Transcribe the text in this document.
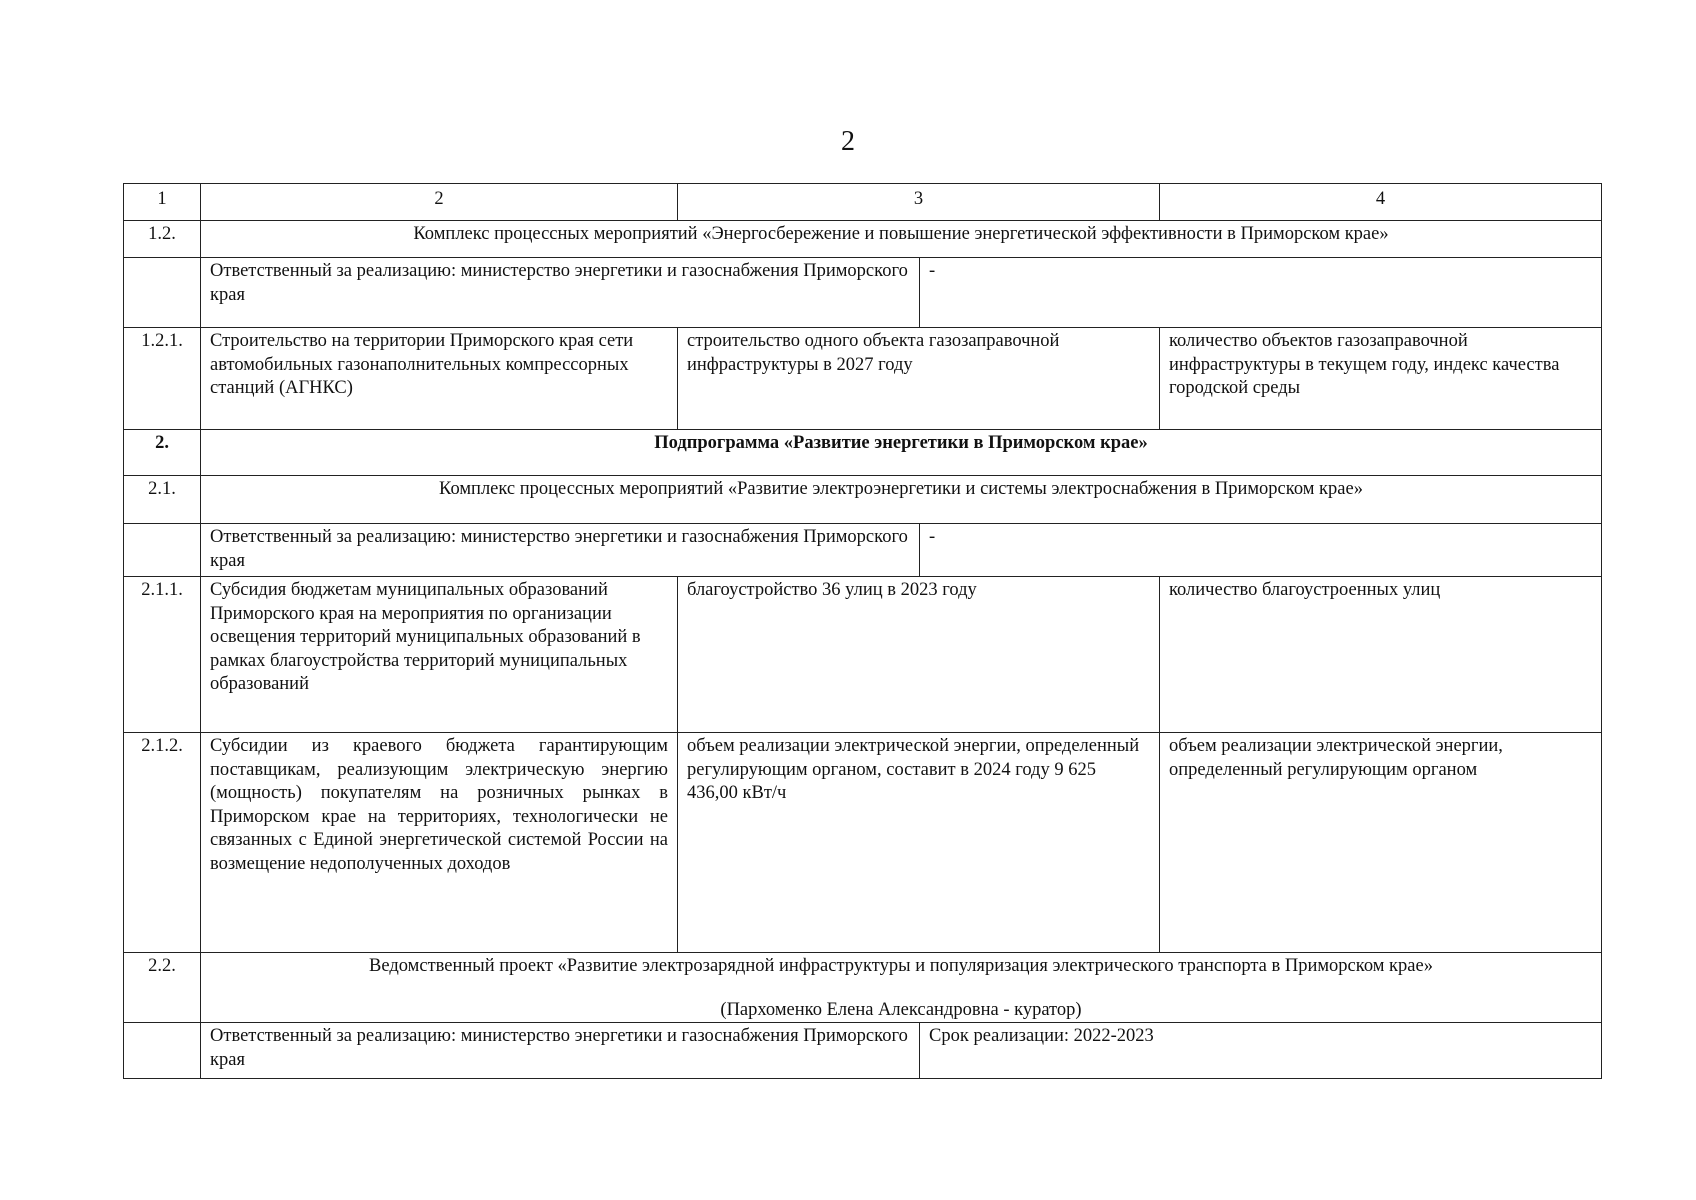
2
1	2	3		4
1.2.	Комплекс процессных мероприятий «Энергосбережение и повышение энергетической эффективности в Приморском крае»			
	Ответственный за реализацию: министерство энергетики и газоснабжения Приморского края		-	
1.2.1.	Строительство на территории Приморского края сети автомобильных газонаполнительных компрессорных станций (АГНКС)	строительство одного объекта газозаправочной инфраструктуры в 2027 году		количество объектов газозаправочной инфраструктуры в текущем году, индекс качества городской среды
2.	Подпрограмма «Развитие энергетики в Приморском крае»			
2.1.	Комплекс процессных мероприятий «Развитие электроэнергетики и системы электроснабжения в Приморском крае»			
	Ответственный за реализацию: министерство энергетики и газоснабжения Приморского края		-	
2.1.1.	Субсидия бюджетам муниципальных образований Приморского края на мероприятия по организации освещения территорий муниципальных образований в рамках благоустройства территорий муниципальных образований	благоустройство 36 улиц в 2023 году		количество благоустроенных улиц
2.1.2.	Субсидии из краевого бюджета гарантирующим поставщикам, реализующим электрическую энергию (мощность) покупателям на розничных рынках в Приморском крае на территориях, технологически не связанных с Единой энергетической системой России на возмещение недополученных доходов	объем реализации электрической энергии, определенный регулирующим органом, составит в 2024 году 9 625 436,00 кВт/ч		объем реализации электрической энергии, определенный регулирующим органом
2.2.	Ведомственный проект «Развитие электрозарядной инфраструктуры и популяризация электрического транспорта в Приморском крае»
(Пархоменко Елена Александровна - куратор)			

	Ответственный за реализацию: министерство энергетики и газоснабжения Приморского края		Срок реализации: 2022-2023	
